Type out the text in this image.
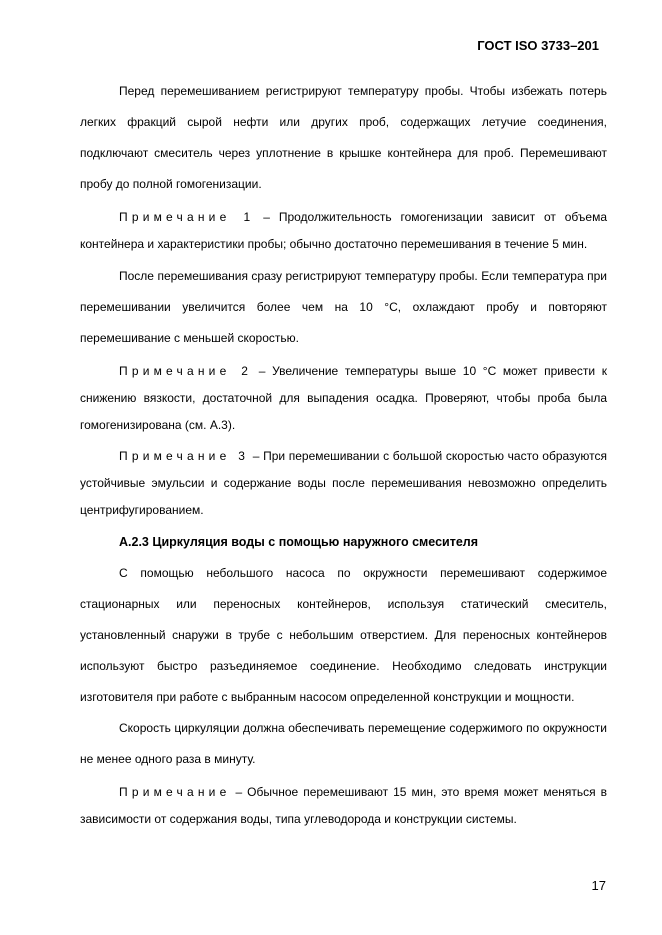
ГОСТ ISO 3733–201

Перед перемешиванием регистрируют температуру пробы. Чтобы избежать потерь легких фракций сырой нефти или других проб, содержащих летучие соединения, подключают смеситель через уплотнение в крышке контейнера для проб. Перемешивают пробу до полной гомогенизации.

Примечание 1 – Продолжительность гомогенизации зависит от объема контейнера и характеристики пробы; обычно достаточно перемешивания в течение 5 мин.

После перемешивания сразу регистрируют температуру пробы. Если температура при перемешивании увеличится более чем на 10 °С, охлаждают пробу и повторяют перемешивание с меньшей скоростью.

Примечание 2 – Увеличение температуры выше 10 °С может привести к снижению вязкости, достаточной для выпадения осадка. Проверяют, чтобы проба была гомогенизирована (см. А.3).

Примечание 3 – При перемешивании с большой скоростью часто образуются устойчивые эмульсии и содержание воды после перемешивания невозможно определить центрифугированием.

А.2.3 Циркуляция воды с помощью наружного смесителя

С помощью небольшого насоса по окружности перемешивают содержимое стационарных или переносных контейнеров, используя статический смеситель, установленный снаружи в трубе с небольшим отверстием. Для переносных контейнеров используют быстро разъединяемое соединение. Необходимо следовать инструкции изготовителя при работе с выбранным насосом определенной конструкции и мощности.

Скорость циркуляции должна обеспечивать перемещение содержимого по окружности не менее одного раза в минуту.

Примечание – Обычное перемешивают 15 мин, это время может меняться в зависимости от содержания воды, типа углеводорода и конструкции системы.

17
